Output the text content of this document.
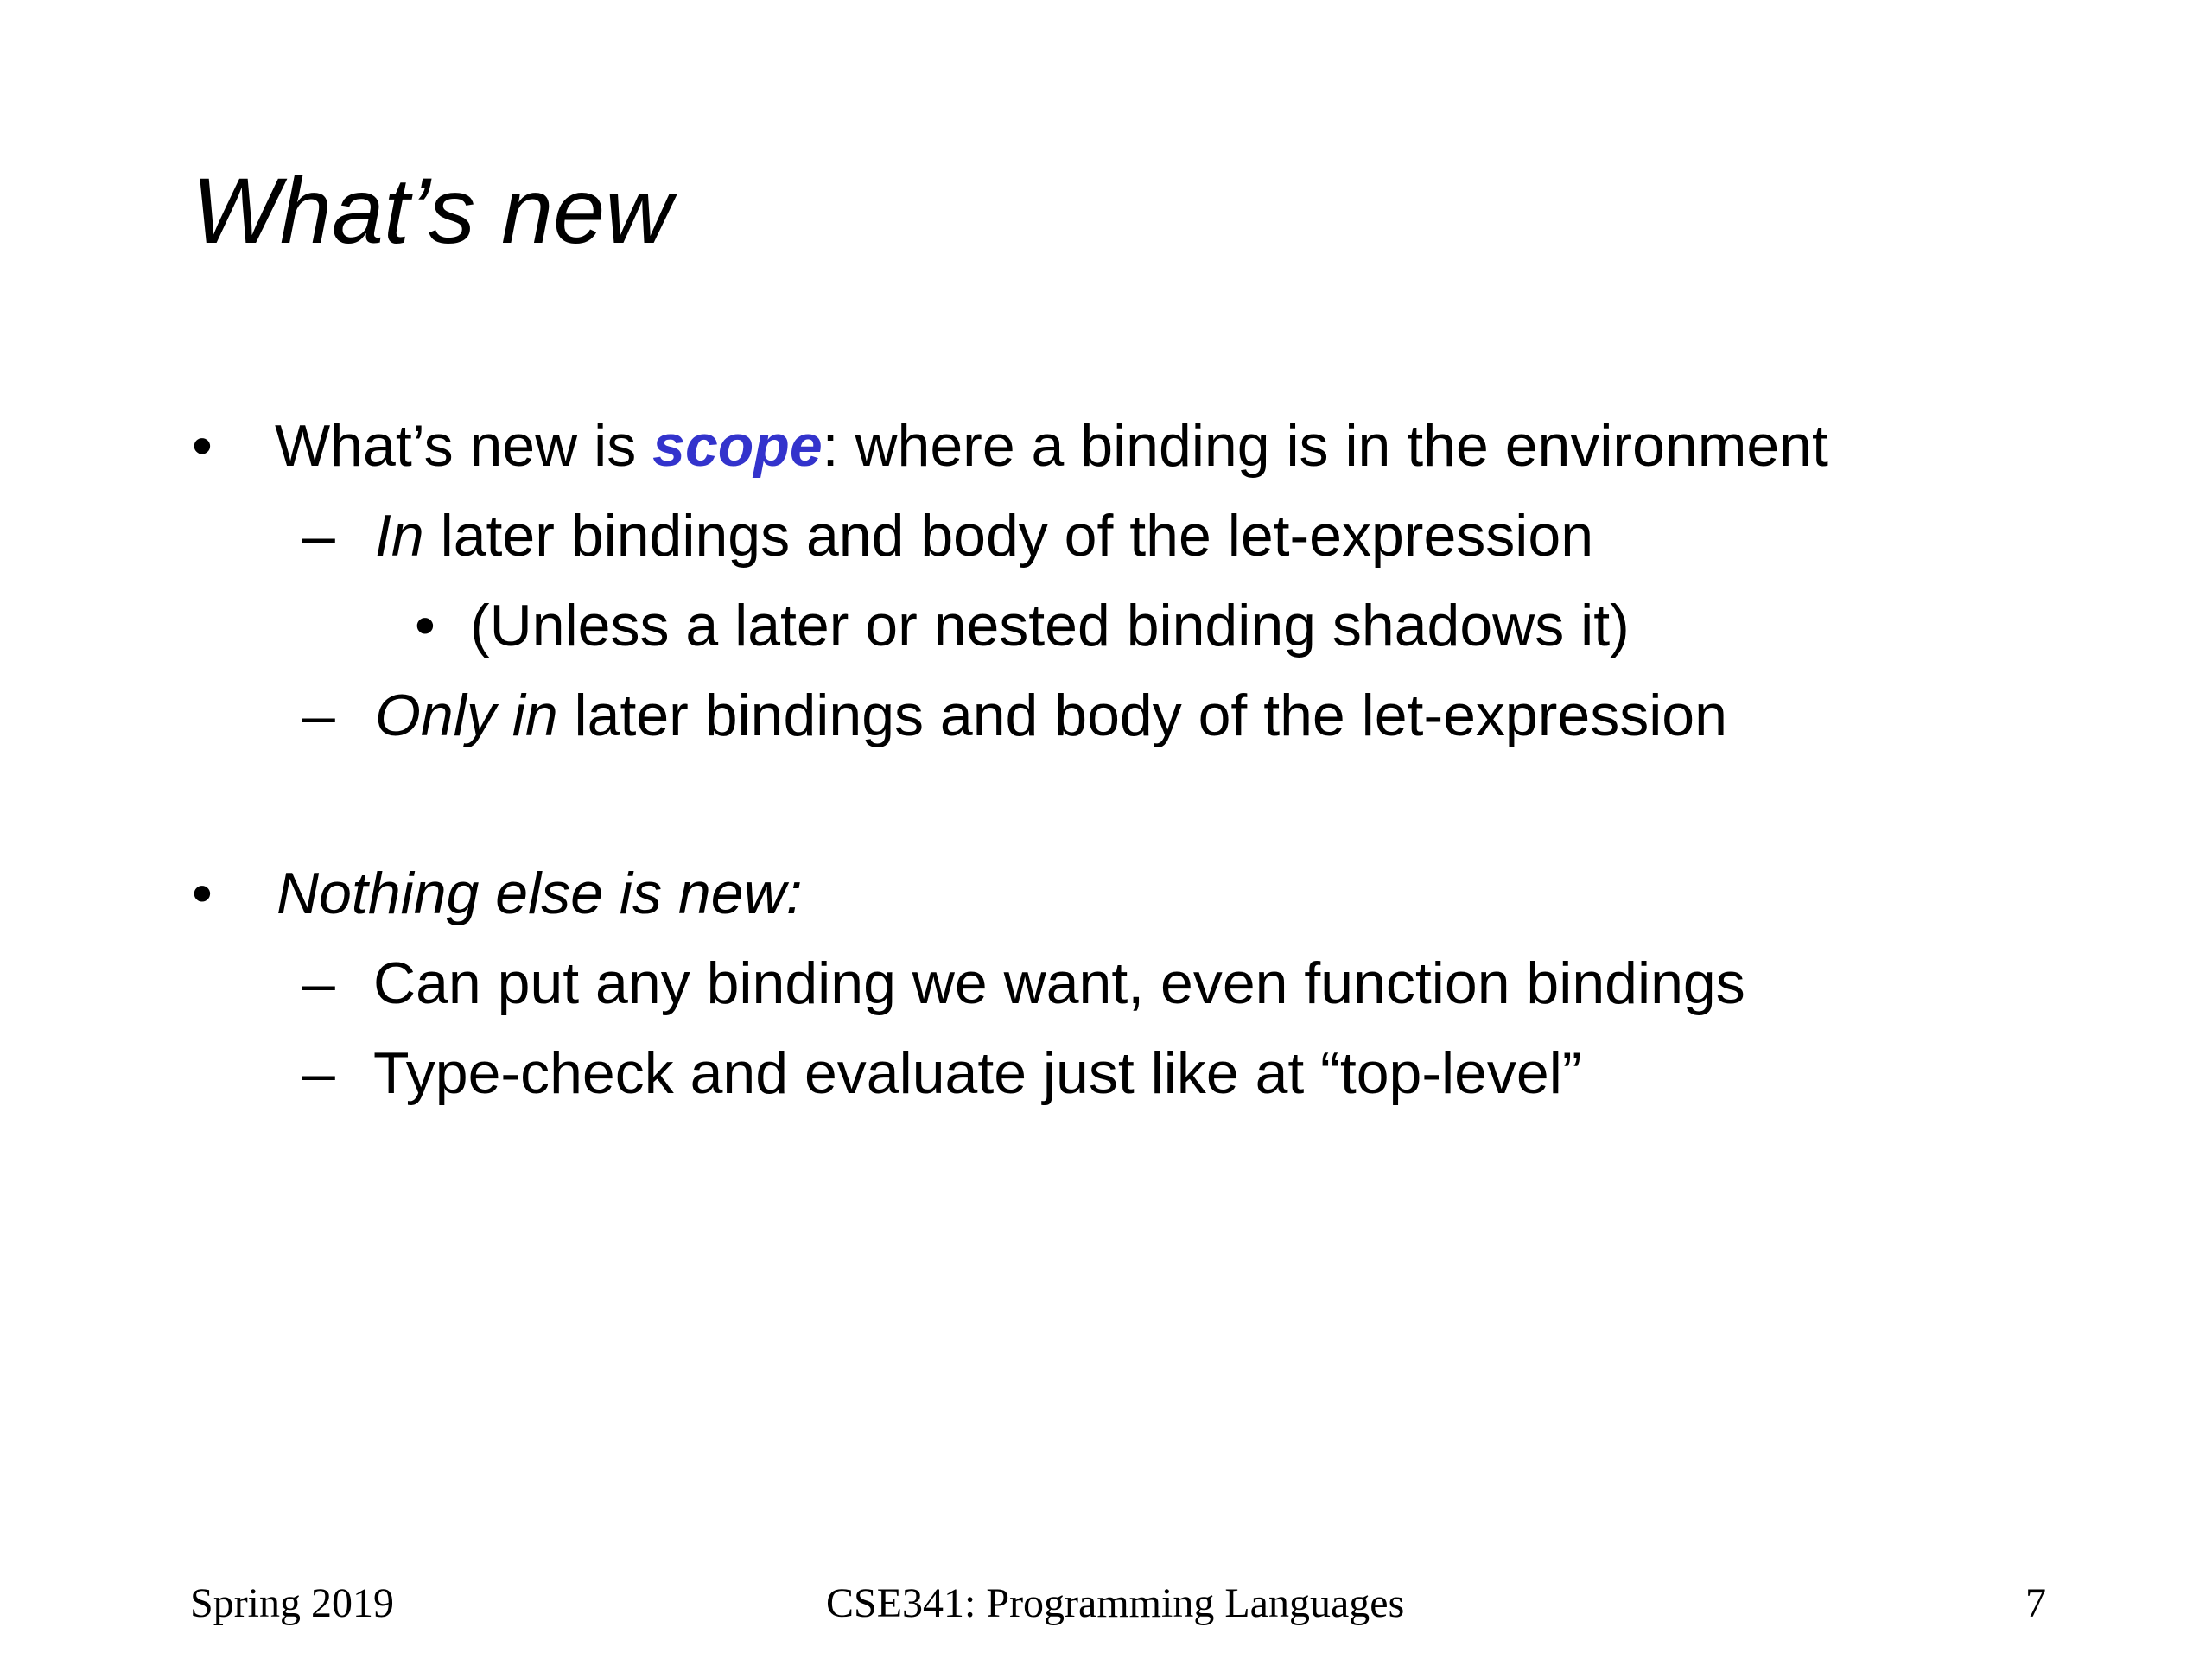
What’s new
• What’s new is scope: where a binding is in the environment
– In later bindings and body of the let-expression
• (Unless a later or nested binding shadows it)
– Only in later bindings and body of the let-expression
• Nothing else is new:
– Can put any binding we want, even function bindings
– Type-check and evaluate just like at “top-level”
Spring 2019	CSE341: Programming Languages	7
